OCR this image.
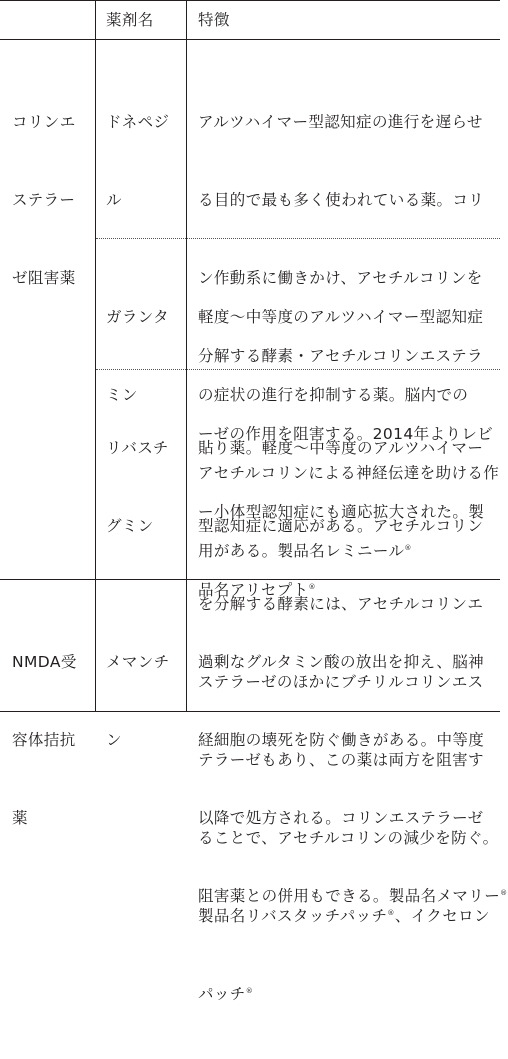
薬剤名	特徴

コリンエ

ステラー

ゼ阻害薬

ドネペジ

ル

アルツハイマー型認知症の進行を遅らせ

る目的で最も多く使われている薬。コリ

ン作動系に働きかけ、アセチルコリンを

分解する酵素・アセチルコリンエステラ

ーゼの作用を阻害する。2014年よりレビ

ー小体型認知症にも適応拡大された。製

品名アリセプト®

ガランタ

ミン

軽度〜中等度のアルツハイマー型認知症

の症状の進行を抑制する薬。脳内での

アセチルコリンによる神経伝達を助ける作

用がある。製品名レミニール®

リバスチ

グミン

貼り薬。軽度〜中等度のアルツハイマー

型認知症に適応がある。アセチルコリン

を分解する酵素には、アセチルコリンエ

ステラーゼのほかにブチリルコリンエス

テラーゼもあり、この薬は両方を阻害す

ることで、アセチルコリンの減少を防ぐ。

製品名リバスタッチパッチ®、イクセロン

パッチ®

NMDA受

容体拮抗

薬

メマンチ

ン

過剰なグルタミン酸の放出を抑え、脳神

経細胞の壊死を防ぐ働きがある。中等度

以降で処方される。コリンエステラーゼ

阻害薬との併用もできる。製品名メマリー®
